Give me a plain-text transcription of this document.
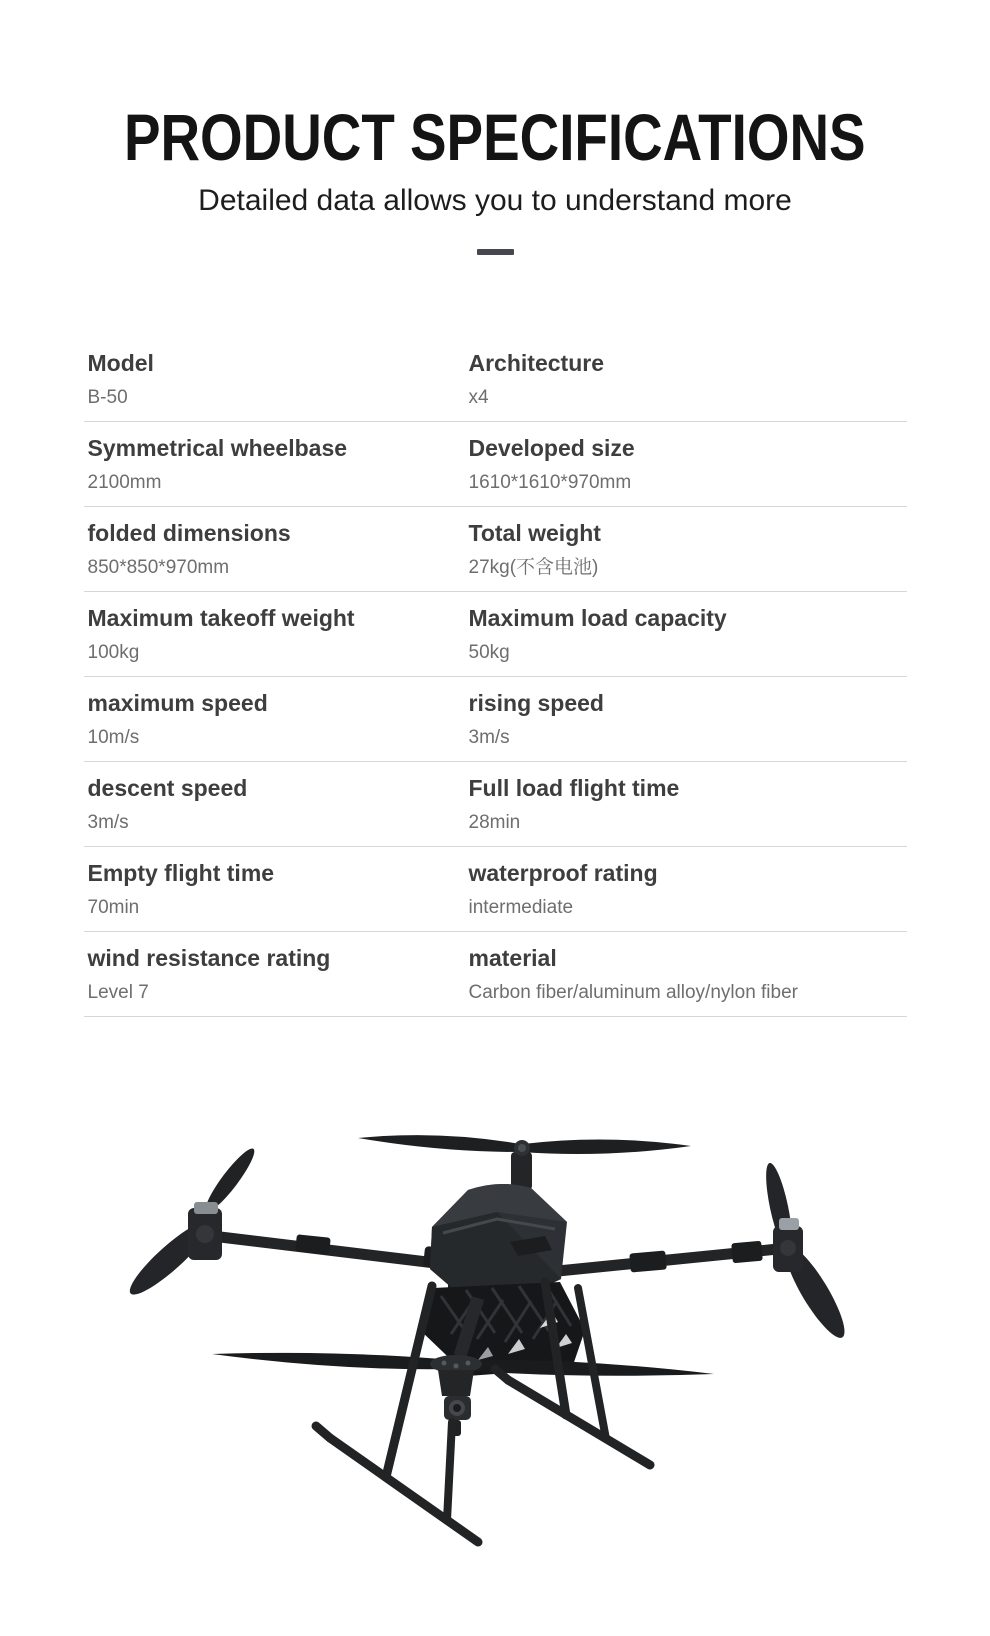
PRODUCT SPECIFICATIONS
Detailed data allows you to understand more
Model
B-50
Architecture
x4
Symmetrical wheelbase
2100mm
Developed size
1610*1610*970mm
folded dimensions
850*850*970mm
Total weight
27kg(不含电池)
Maximum takeoff weight
100kg
Maximum load capacity
50kg
maximum speed
10m/s
rising speed
3m/s
descent speed
3m/s
Full load flight time
28min
Empty flight time
70min
waterproof rating
intermediate
wind resistance rating
Level 7
material
Carbon fiber/aluminum alloy/nylon fiber
